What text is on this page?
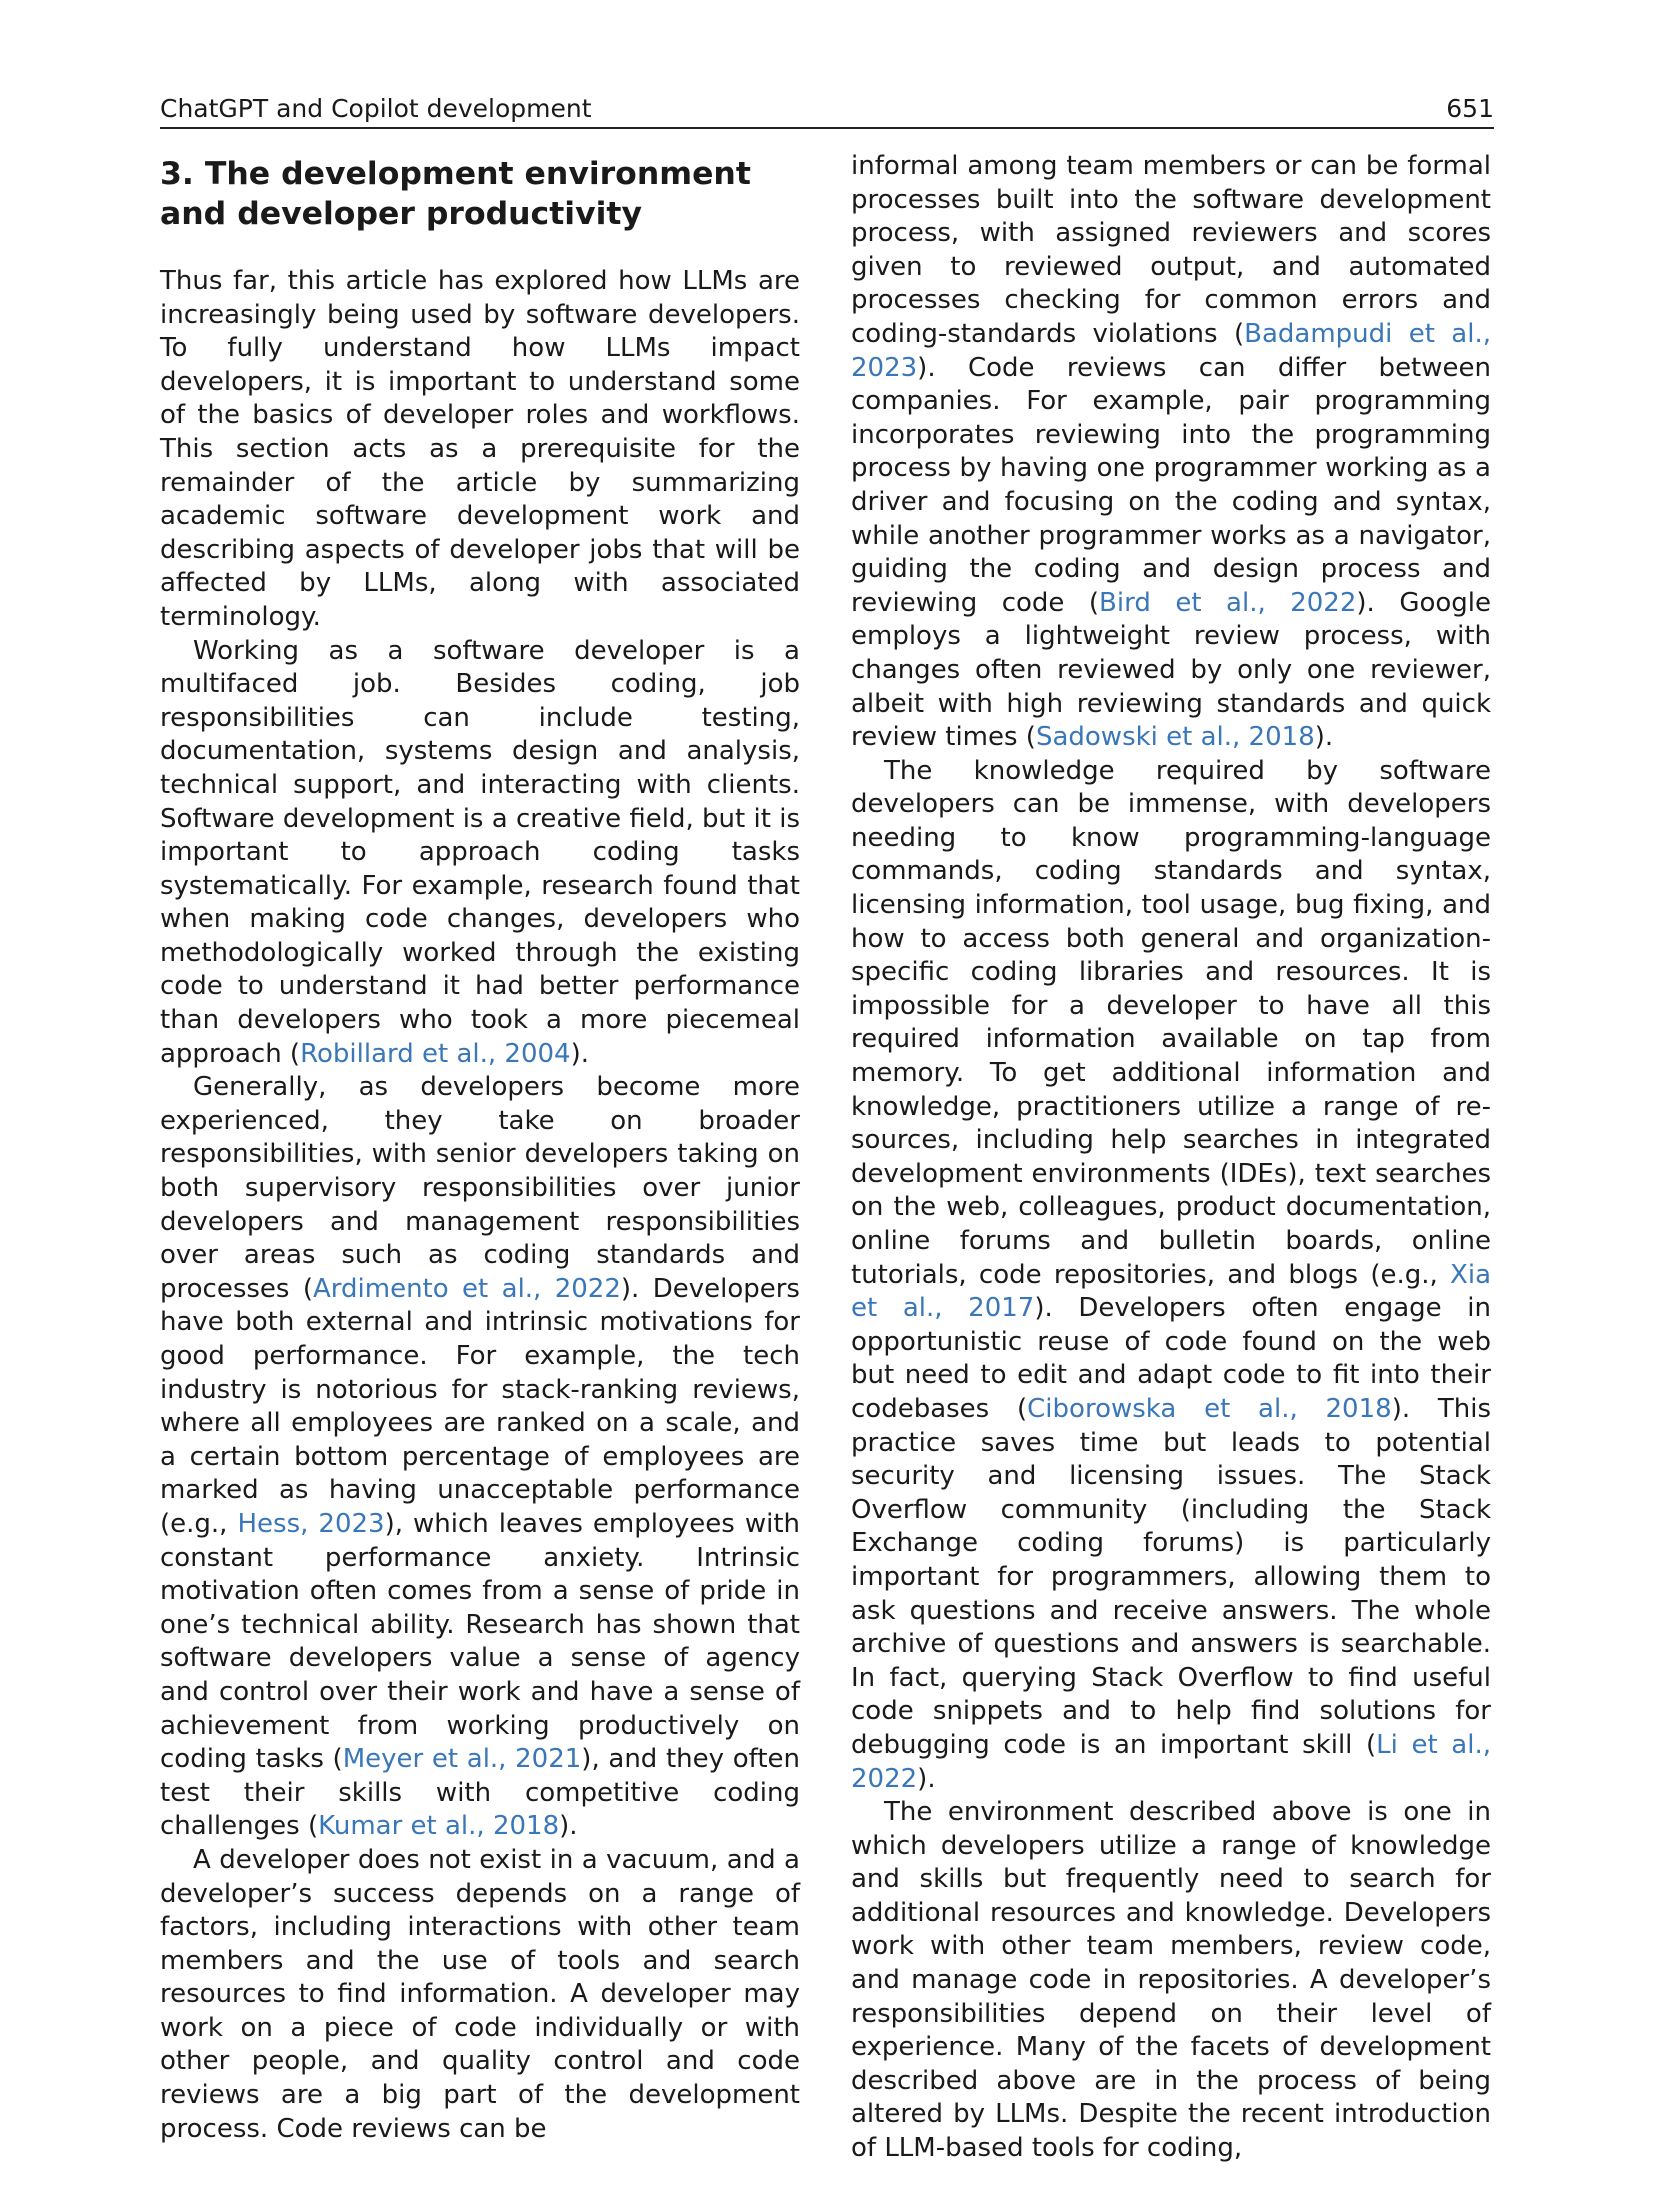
ChatGPT and Copilot development	651
3. The development environment and developer productivity

Thus far, this article has explored how LLMs are increasingly being used by software developers. To fully understand how LLMs impact developers, it is important to understand some of the basics of developer roles and workflows. This section acts as a prerequisite for the remainder of the article by summarizing academic software development work and describing aspects of developer jobs that will be affected by LLMs, along with associated terminology.

Working as a software developer is a multifaced job. Besides coding, job responsibilities can include testing, documentation, systems design and analysis, technical support, and interacting with clients. Software development is a creative field, but it is important to approach coding tasks systematically. For example, research found that when making code changes, developers who methodologically worked through the existing code to understand it had better performance than developers who took a more piecemeal approach (Robillard et al., 2004).

Generally, as developers become more experienced, they take on broader responsibilities, with senior developers taking on both supervisory responsibilities over junior developers and management responsibilities over areas such as coding standards and processes (Ardimento et al., 2022). Developers have both external and intrinsic motivations for good performance. For example, the tech industry is notorious for stack-ranking reviews, where all employees are ranked on a scale, and a certain bottom percentage of employees are marked as having unacceptable performance (e.g., Hess, 2023), which leaves employees with constant performance anxiety. Intrinsic motivation often comes from a sense of pride in one’s technical ability. Research has shown that software developers value a sense of agency and control over their work and have a sense of achievement from working productively on coding tasks (Meyer et al., 2021), and they often test their skills with competitive coding challenges (Kumar et al., 2018).

A developer does not exist in a vacuum, and a developer’s success depends on a range of factors, including interactions with other team members and the use of tools and search resources to find information. A developer may work on a piece of code individually or with other people, and quality control and code reviews are a big part of the development process. Code reviews can be

informal among team members or can be formal processes built into the software development process, with assigned reviewers and scores given to reviewed output, and automated processes checking for common errors and coding-standards violations (Badampudi et al., 2023). Code reviews can differ between companies. For example, pair programming incorporates reviewing into the programming process by having one programmer working as a driver and focusing on the coding and syntax, while another programmer works as a navigator, guiding the coding and design process and reviewing code (Bird et al., 2022). Google employs a lightweight review process, with changes often reviewed by only one reviewer, albeit with high reviewing standards and quick review times (Sadowski et al., 2018).

The knowledge required by software developers can be immense, with developers needing to know programming-language commands, coding standards and syntax, licensing information, tool usage, bug fixing, and how to access both general and organization-specific coding libraries and resources. It is impossible for a developer to have all this required information available on tap from memory. To get additional information and knowledge, practitioners utilize a range of resources, including help searches in integrated development environments (IDEs), text searches on the web, colleagues, product documentation, online forums and bulletin boards, online tutorials, code repositories, and blogs (e.g., Xia et al., 2017). Developers often engage in opportunistic reuse of code found on the web but need to edit and adapt code to fit into their codebases (Ciborowska et al., 2018). This practice saves time but leads to potential security and licensing issues. The Stack Overflow community (including the Stack Exchange coding forums) is particularly important for programmers, allowing them to ask questions and receive answers. The whole archive of questions and answers is searchable. In fact, querying Stack Overflow to find useful code snippets and to help find solutions for debugging code is an important skill (Li et al., 2022).

The environment described above is one in which developers utilize a range of knowledge and skills but frequently need to search for additional resources and knowledge. Developers work with other team members, review code, and manage code in repositories. A developer’s responsibilities depend on their level of experience. Many of the facets of development described above are in the process of being altered by LLMs. Despite the recent introduction of LLM-based tools for coding,
